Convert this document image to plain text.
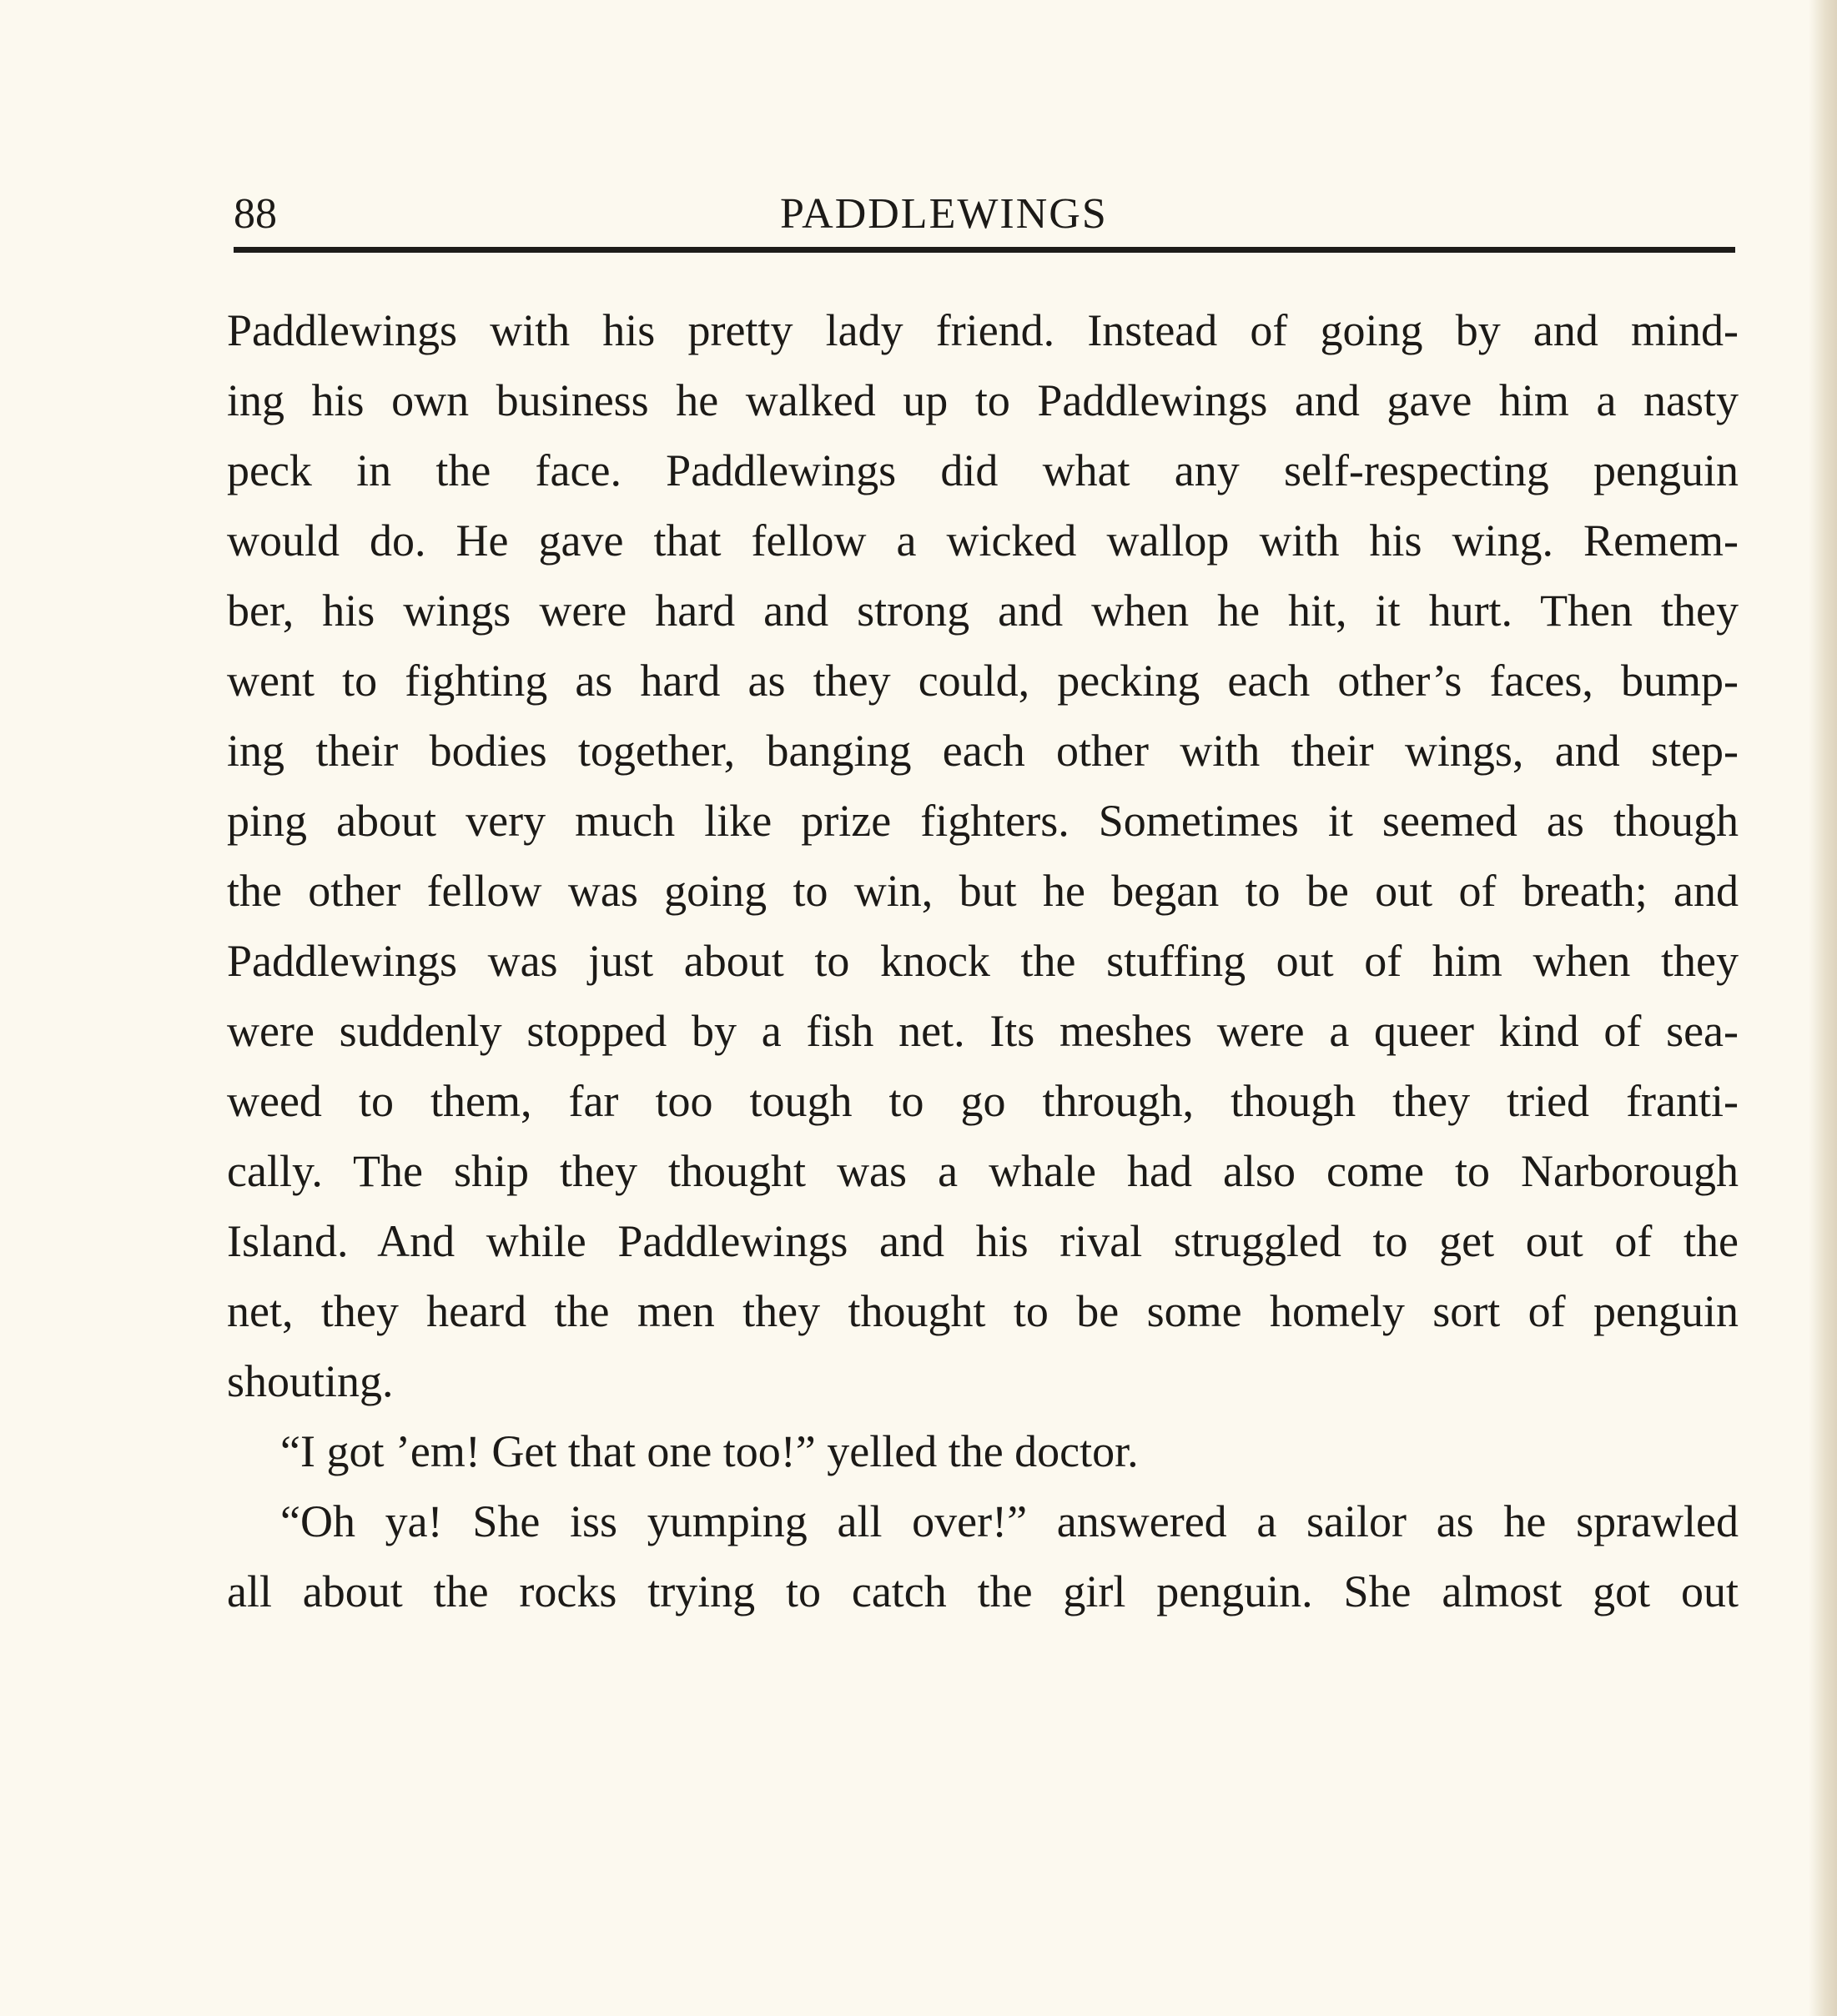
88	PADDLEWINGS
Paddlewings with his pretty lady friend. Instead of going by and mind-
ing his own business he walked up to Paddlewings and gave him a nasty
peck in the face. Paddlewings did what any self-respecting penguin
would do. He gave that fellow a wicked wallop with his wing. Remem-
ber, his wings were hard and strong and when he hit, it hurt. Then they
went to fighting as hard as they could, pecking each other’s faces, bump-
ing their bodies together, banging each other with their wings, and step-
ping about very much like prize fighters. Sometimes it seemed as though
the other fellow was going to win, but he began to be out of breath; and
Paddlewings was just about to knock the stuffing out of him when they
were suddenly stopped by a fish net. Its meshes were a queer kind of sea-
weed to them, far too tough to go through, though they tried franti-
cally. The ship they thought was a whale had also come to Narborough
Island. And while Paddlewings and his rival struggled to get out of the
net, they heard the men they thought to be some homely sort of penguin
shouting.
“I got ’em! Get that one too!” yelled the doctor.
“Oh ya! She iss yumping all over!” answered a sailor as he sprawled
all about the rocks trying to catch the girl penguin. She almost got out
